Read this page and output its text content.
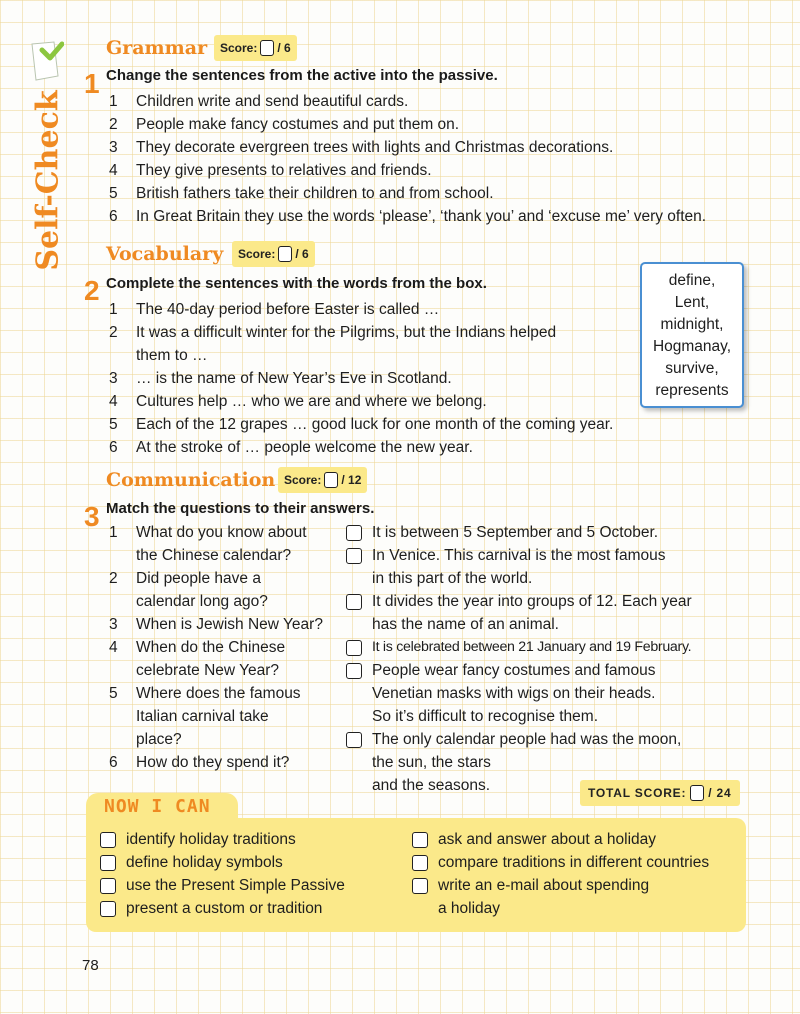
Self-Check
Grammar Score: / 6
1 Change the sentences from the active into the passive.
1 Children write and send beautiful cards.
2 People make fancy costumes and put them on.
3 They decorate evergreen trees with lights and Christmas decorations.
4 They give presents to relatives and friends.
5 British fathers take their children to and from school.
6 In Great Britain they use the words ‘please’, ‘thank you’ and ‘excuse me’ very often.
Vocabulary Score: / 6
2 Complete the sentences with the words from the box.
1 The 40-day period before Easter is called …
2 It was a difficult winter for the Pilgrims, but the Indians helped
them to …
3 … is the name of New Year’s Eve in Scotland.
4 Cultures help … who we are and where we belong.
5 Each of the 12 grapes … good luck for one month of the coming year.
6 At the stroke of … people welcome the new year.
define,
Lent,
midnight,
Hogmanay,
survive,
represents
Communication Score: / 12
3 Match the questions to their answers.
1 What do you know about
the Chinese calendar?
2 Did people have a
calendar long ago?
3 When is Jewish New Year?
4 When do the Chinese
celebrate New Year?
5 Where does the famous
Italian carnival take
place?
6 How do they spend it?
It is between 5 September and 5 October.
In Venice. This carnival is the most famous
in this part of the world.
It divides the year into groups of 12. Each year
has the name of an animal.
It is celebrated between 21 January and 19 February.
People wear fancy costumes and famous
Venetian masks with wigs on their heads.
So it’s difficult to recognise them.
The only calendar people had was the moon,
the sun, the stars
and the seasons.	TOTAL SCORE: / 24
NOW I CAN
identify holiday traditions
define holiday symbols
use the Present Simple Passive
present a custom or tradition
ask and answer about a holiday
compare traditions in different countries
write an e-mail about spending
a holiday
78
